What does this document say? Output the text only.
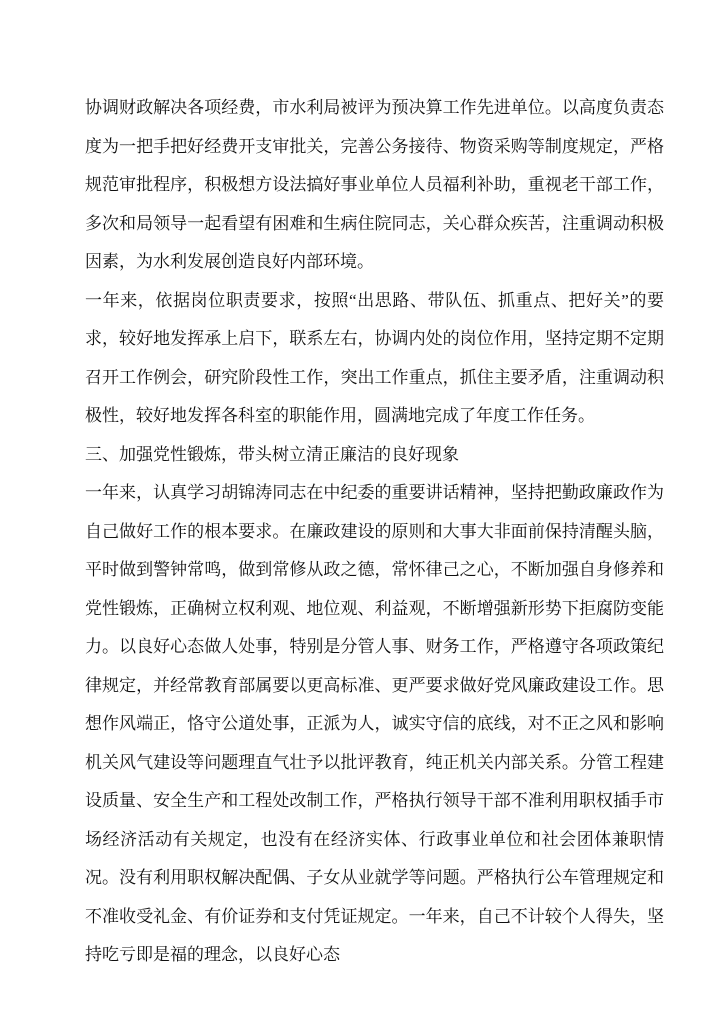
协调财政解决各项经费，市水利局被评为预决算工作先进单位。以高度负责态度为一把手把好经费开支审批关，完善公务接待、物资采购等制度规定，严格规范审批程序，积极想方设法搞好事业单位人员福利补助，重视老干部工作，多次和局领导一起看望有困难和生病住院同志，关心群众疾苦，注重调动积极因素，为水利发展创造良好内部环境。

一年来，依据岗位职责要求，按照“出思路、带队伍、抓重点、把好关”的要求，较好地发挥承上启下，联系左右，协调内处的岗位作用，坚持定期不定期召开工作例会，研究阶段性工作，突出工作重点，抓住主要矛盾，注重调动积极性，较好地发挥各科室的职能作用，圆满地完成了年度工作任务。

三、加强党性锻炼，带头树立清正廉洁的良好现象

一年来，认真学习胡锦涛同志在中纪委的重要讲话精神，坚持把勤政廉政作为自己做好工作的根本要求。在廉政建设的原则和大事大非面前保持清醒头脑，平时做到警钟常鸣，做到常修从政之德，常怀律己之心，不断加强自身修养和党性锻炼，正确树立权利观、地位观、利益观，不断增强新形势下拒腐防变能力。以良好心态做人处事，特别是分管人事、财务工作，严格遵守各项政策纪律规定，并经常教育部属要以更高标准、更严要求做好党风廉政建设工作。思想作风端正，恪守公道处事，正派为人，诚实守信的底线，对不正之风和影响机关风气建设等问题理直气壮予以批评教育，纯正机关内部关系。分管工程建设质量、安全生产和工程处改制工作，严格执行领导干部不准利用职权插手市场经济活动有关规定，也没有在经济实体、行政事业单位和社会团体兼职情况。没有利用职权解决配偶、子女从业就学等问题。严格执行公车管理规定和不准收受礼金、有价证券和支付凭证规定。一年来，自己不计较个人得失，坚持吃亏即是福的理念，以良好心态
